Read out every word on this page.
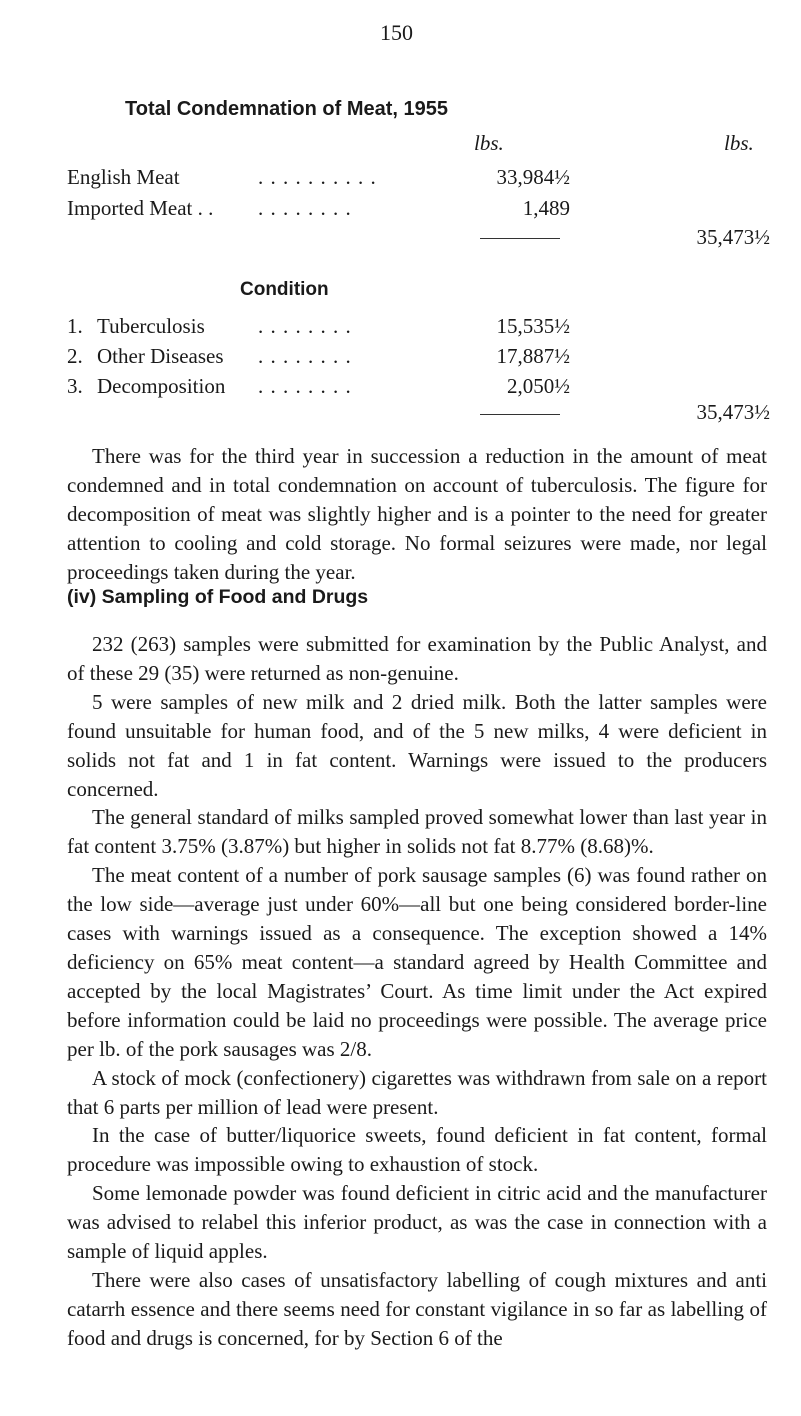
150
Total Condemnation of Meat, 1955
lbs.	lbs.
English Meat	. . . . . . . . . .	33,984½
Imported Meat . . . . . . . . . .	1,489
35,473½
Condition
1. Tuberculosis	. . . . . . . .	15,535½
2. Other Diseases . . . . . . . .	17,887½
3. Decomposition . . . . . . . .	2,050½
35,473½

There was for the third year in succession a reduction in the amount of meat condemned and in total condemnation on account of tuberculosis. The figure for decomposition of meat was slightly higher and is a pointer to the need for greater attention to cooling and cold storage. No formal seizures were made, nor legal proceedings taken during the year.

(iv) Sampling of Food and Drugs

232 (263) samples were submitted for examination by the Public Analyst, and of these 29 (35) were returned as non-genuine.

5 were samples of new milk and 2 dried milk. Both the latter samples were found unsuitable for human food, and of the 5 new milks, 4 were deficient in solids not fat and 1 in fat content. Warnings were issued to the producers concerned.

The general standard of milks sampled proved somewhat lower than last year in fat content 3.75% (3.87%) but higher in solids not fat 8.77% (8.68)%.

The meat content of a number of pork sausage samples (6) was found rather on the low side—average just under 60%—all but one being considered border-line cases with warnings issued as a consequence. The exception showed a 14% deficiency on 65% meat content—a standard agreed by Health Committee and accepted by the local Magistrates’ Court. As time limit under the Act expired before information could be laid no proceedings were possible. The average price per lb. of the pork sausages was 2/8.

A stock of mock (confectionery) cigarettes was withdrawn from sale on a report that 6 parts per million of lead were present.

In the case of butter/liquorice sweets, found deficient in fat content, formal procedure was impossible owing to exhaustion of stock.

Some lemonade powder was found deficient in citric acid and the manufacturer was advised to relabel this inferior product, as was the case in connection with a sample of liquid apples.

There were also cases of unsatisfactory labelling of cough mixtures and anti catarrh essence and there seems need for constant vigilance in so far as labelling of food and drugs is concerned, for by Section 6 of the
